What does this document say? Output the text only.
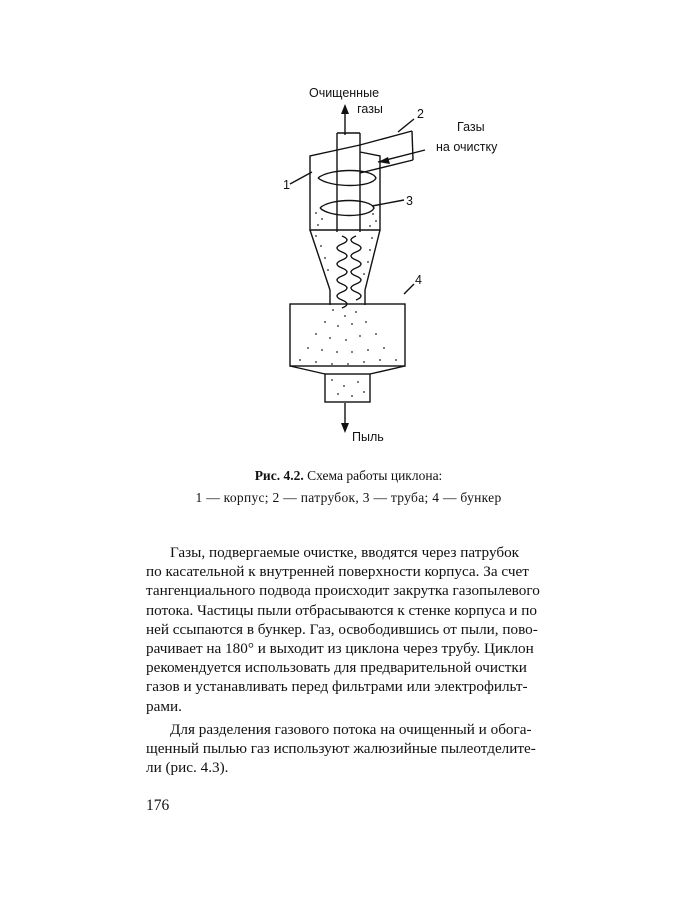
Очищенные
газы
Газы
на очистку
Пыль
1
2
3
4
Рис. 4.2. Схема работы циклона:
1 — корпус; 2 — патрубок, 3 — труба; 4 — бункер
Газы, подвергаемые очистке, вводятся через патрубок
по касательной к внутренней поверхности корпуса. За счет
тангенциального подвода происходит закрутка газопылевого
потока. Частицы пыли отбрасываются к стенке корпуса и по
ней ссыпаются в бункер. Газ, освободившись от пыли, пово-
рачивает на 180° и выходит из циклона через трубу. Циклон
рекомендуется использовать для предварительной очистки
газов и устанавливать перед фильтрами или электрофильт-
рами.
Для разделения газового потока на очищенный и обога-
щенный пылью газ используют жалюзийные пылеотделите-
ли (рис. 4.3).
176
